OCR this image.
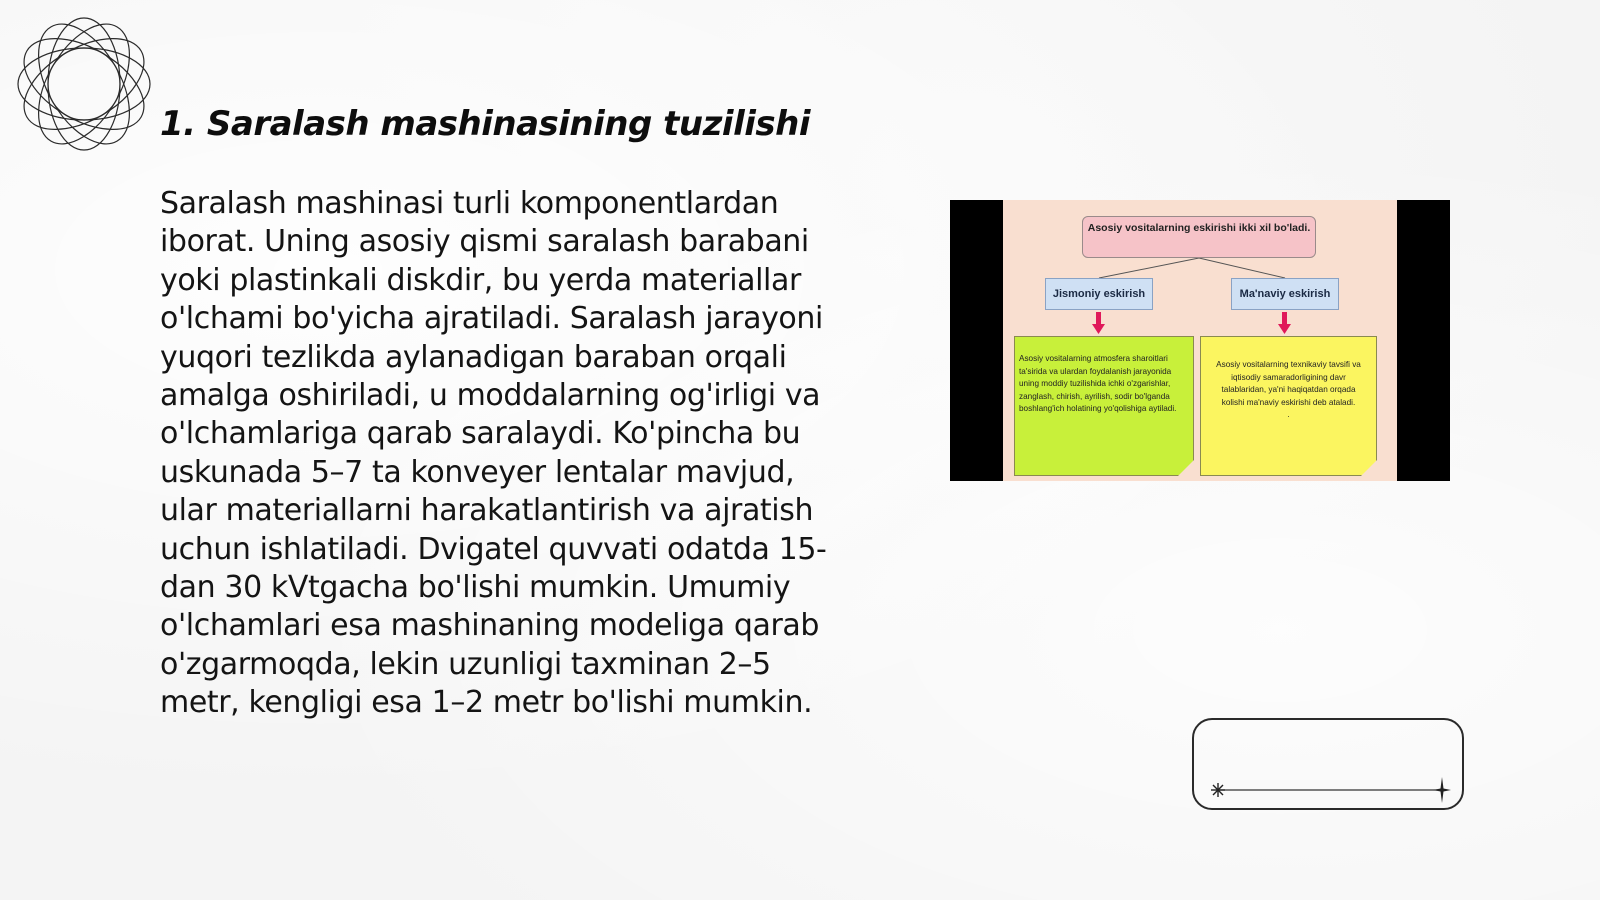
1. Saralash mashinasining tuzilishi

Saralash mashinasi turli komponentlardan iborat. Uning asosiy qismi saralash barabani yoki plastinkali diskdir, bu yerda materiallar o'lchami bo'yicha ajratiladi. Saralash jarayoni yuqori tezlikda aylanadigan baraban orqali amalga oshiriladi, u moddalarning og'irligi va o'lchamlariga qarab saralaydi. Ko'pincha bu uskunada 5–7 ta konveyer lentalar mavjud, ular materiallarni harakatlantirish va ajratish uchun ishlatiladi. Dvigatel quvvati odatda 15-dan 30 kVtgacha bo'lishi mumkin. Umumiy o'lchamlari esa mashinaning modeliga qarab o'zgarmoqda, lekin uzunligi taxminan 2–5 metr, kengligi esa 1–2 metr bo'lishi mumkin.

Asosiy vositalarning eskirishi ikki xil bo'ladi.
Jismoniy eskirish	Ma'naviy eskirish
Asosiy vositalarning atmosfera sharoitlari ta'sirida va ulardan foydalanish jarayonida uning moddiy tuzilishida ichki o'zgarishlar, zanglash, chirish, ayrilish, sodir bo'lganda boshlang'ich holatining yo'qolishiga aytiladi.
Asosiy vositalarning texnikaviy tavsifi va iqtisodiy samaradorligining davr talablaridan, ya'ni haqiqatdan orqada kolishi ma'naviy eskirishi deb ataladi.
.
